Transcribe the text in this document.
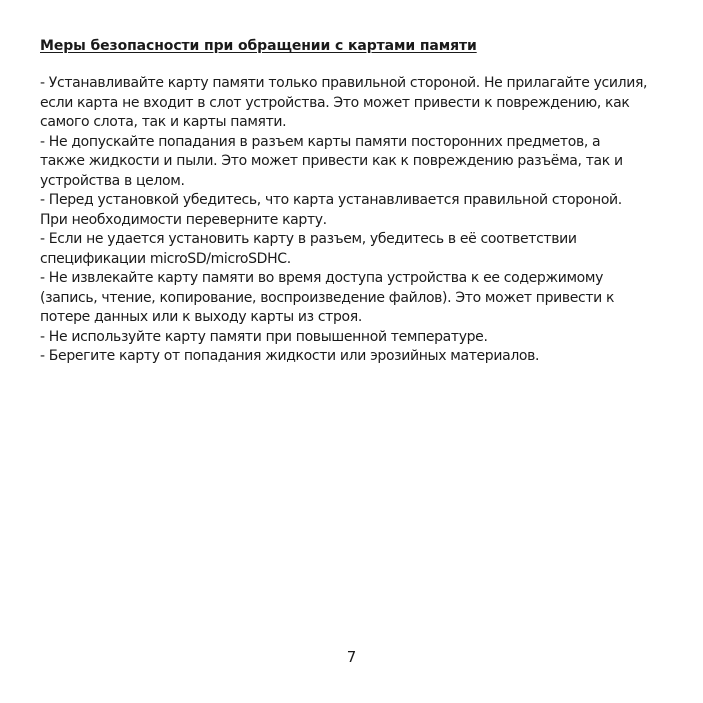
Меры безопасности при обращении с картами памяти
- Устанавливайте карту памяти только правильной стороной. Не прилагайте усилия,
если карта не входит в слот устройства. Это может привести к повреждению, как
самого слота, так и карты памяти.
- Не допускайте попадания в разъем карты памяти посторонних предметов, а
также жидкости и пыли. Это может привести как к повреждению разъёма, так и
устройства в целом.
- Перед установкой убедитесь, что карта устанавливается правильной стороной.
При необходимости переверните карту.
- Если не удается установить карту в разъем, убедитесь в её соответствии
спецификации microSD/microSDHC.
- Не извлекайте карту памяти во время доступа устройства к ее содержимому
(запись, чтение, копирование, воспроизведение файлов). Это может привести к
потере данных или к выходу карты из строя.
- Не используйте карту памяти при повышенной температуре.
- Берегите карту от попадания жидкости или эрозийных материалов.
7
